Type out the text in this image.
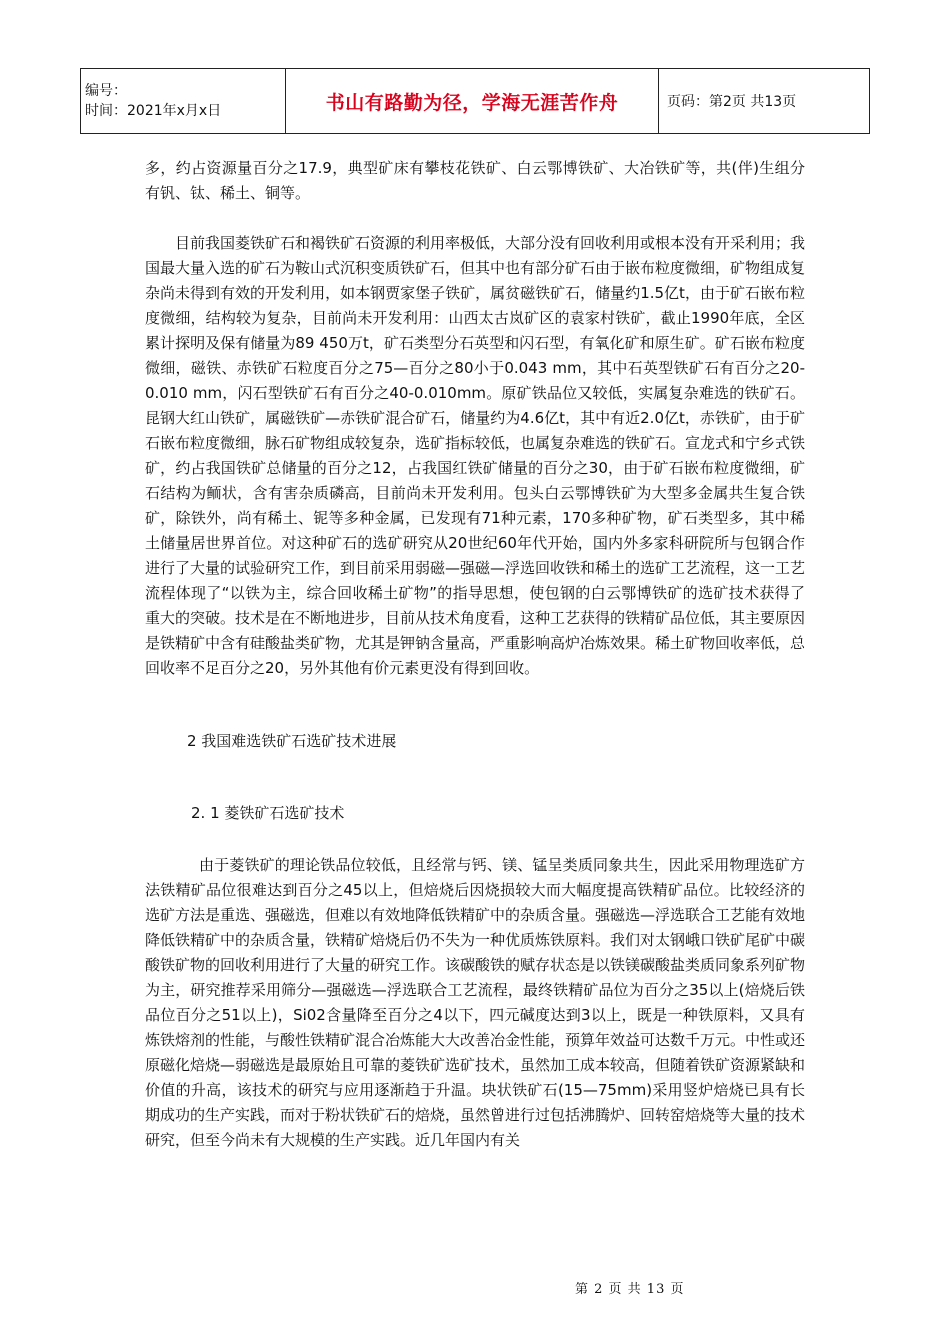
编号：
时间：2021年x月x日	书山有路勤为径，学海无涯苦作舟	页码：第2页 共13页

多，约占资源量百分之17.9，典型矿床有攀枝花铁矿、白云鄂博铁矿、大冶铁矿等，共(伴)生组分有钒、钛、稀土、铜等。

目前我国菱铁矿石和褐铁矿石资源的利用率极低，大部分没有回收利用或根本没有开采利用；我国最大量入选的矿石为鞍山式沉积变质铁矿石，但其中也有部分矿石由于嵌布粒度微细，矿物组成复杂尚未得到有效的开发利用，如本钢贾家堡子铁矿，属贫磁铁矿石，储量约1.5亿t，由于矿石嵌布粒度微细，结构较为复杂，目前尚未开发利用：山西太古岚矿区的袁家村铁矿，截止1990年底，全区累计探明及保有储量为89 450万t，矿石类型分石英型和闪石型，有氧化矿和原生矿。矿石嵌布粒度微细，磁铁、赤铁矿石粒度百分之75—百分之80小于0.043 mm，其中石英型铁矿石有百分之20-0.010 mm，闪石型铁矿石有百分之40-0.010mm。原矿铁品位又较低，实属复杂难选的铁矿石。昆钢大红山铁矿，属磁铁矿—赤铁矿混合矿石，储量约为4.6亿t，其中有近2.0亿t，赤铁矿，由于矿石嵌布粒度微细，脉石矿物组成较复杂，选矿指标较低，也属复杂难选的铁矿石。宣龙式和宁乡式铁矿，约占我国铁矿总储量的百分之12，占我国红铁矿储量的百分之30，由于矿石嵌布粒度微细，矿石结构为鲕状，含有害杂质磷高，目前尚未开发利用。包头白云鄂博铁矿为大型多金属共生复合铁矿，除铁外，尚有稀土、铌等多种金属，已发现有71种元素，170多种矿物，矿石类型多，其中稀土储量居世界首位。对这种矿石的选矿研究从20世纪60年代开始，国内外多家科研院所与包钢合作进行了大量的试验研究工作，到目前采用弱磁—强磁—浮选回收铁和稀土的选矿工艺流程，这一工艺流程体现了“以铁为主，综合回收稀土矿物”的指导思想，使包钢的白云鄂博铁矿的选矿技术获得了重大的突破。技术是在不断地进步，目前从技术角度看，这种工艺获得的铁精矿品位低，其主要原因是铁精矿中含有硅酸盐类矿物，尤其是钾钠含量高，严重影响高炉冶炼效果。稀土矿物回收率低，总回收率不足百分之20，另外其他有价元素更没有得到回收。

2 我国难选铁矿石选矿技术进展

2. 1 菱铁矿石选矿技术

由于菱铁矿的理论铁品位较低，且经常与钙、镁、锰呈类质同象共生，因此采用物理选矿方法铁精矿品位很难达到百分之45以上，但焙烧后因烧损较大而大幅度提高铁精矿品位。比较经济的选矿方法是重选、强磁选，但难以有效地降低铁精矿中的杂质含量。强磁选—浮选联合工艺能有效地降低铁精矿中的杂质含量，铁精矿焙烧后仍不失为一种优质炼铁原料。我们对太钢峨口铁矿尾矿中碳酸铁矿物的回收利用进行了大量的研究工作。该碳酸铁的赋存状态是以铁镁碳酸盐类质同象系列矿物为主，研究推荐采用筛分—强磁选—浮选联合工艺流程，最终铁精矿品位为百分之35以上(焙烧后铁品位百分之51以上)，Si02含量降至百分之4以下，四元碱度达到3以上，既是一种铁原料，又具有炼铁熔剂的性能，与酸性铁精矿混合冶炼能大大改善冶金性能，预算年效益可达数千万元。中性或还原磁化焙烧—弱磁选是最原始且可靠的菱铁矿选矿技术，虽然加工成本较高，但随着铁矿资源紧缺和价值的升高，该技术的研究与应用逐渐趋于升温。块状铁矿石(15—75mm)采用竖炉焙烧已具有长期成功的生产实践，而对于粉状铁矿石的焙烧，虽然曾进行过包括沸腾炉、回转窑焙烧等大量的技术研究，但至今尚未有大规模的生产实践。近几年国内有关

第 2 页 共 13 页
